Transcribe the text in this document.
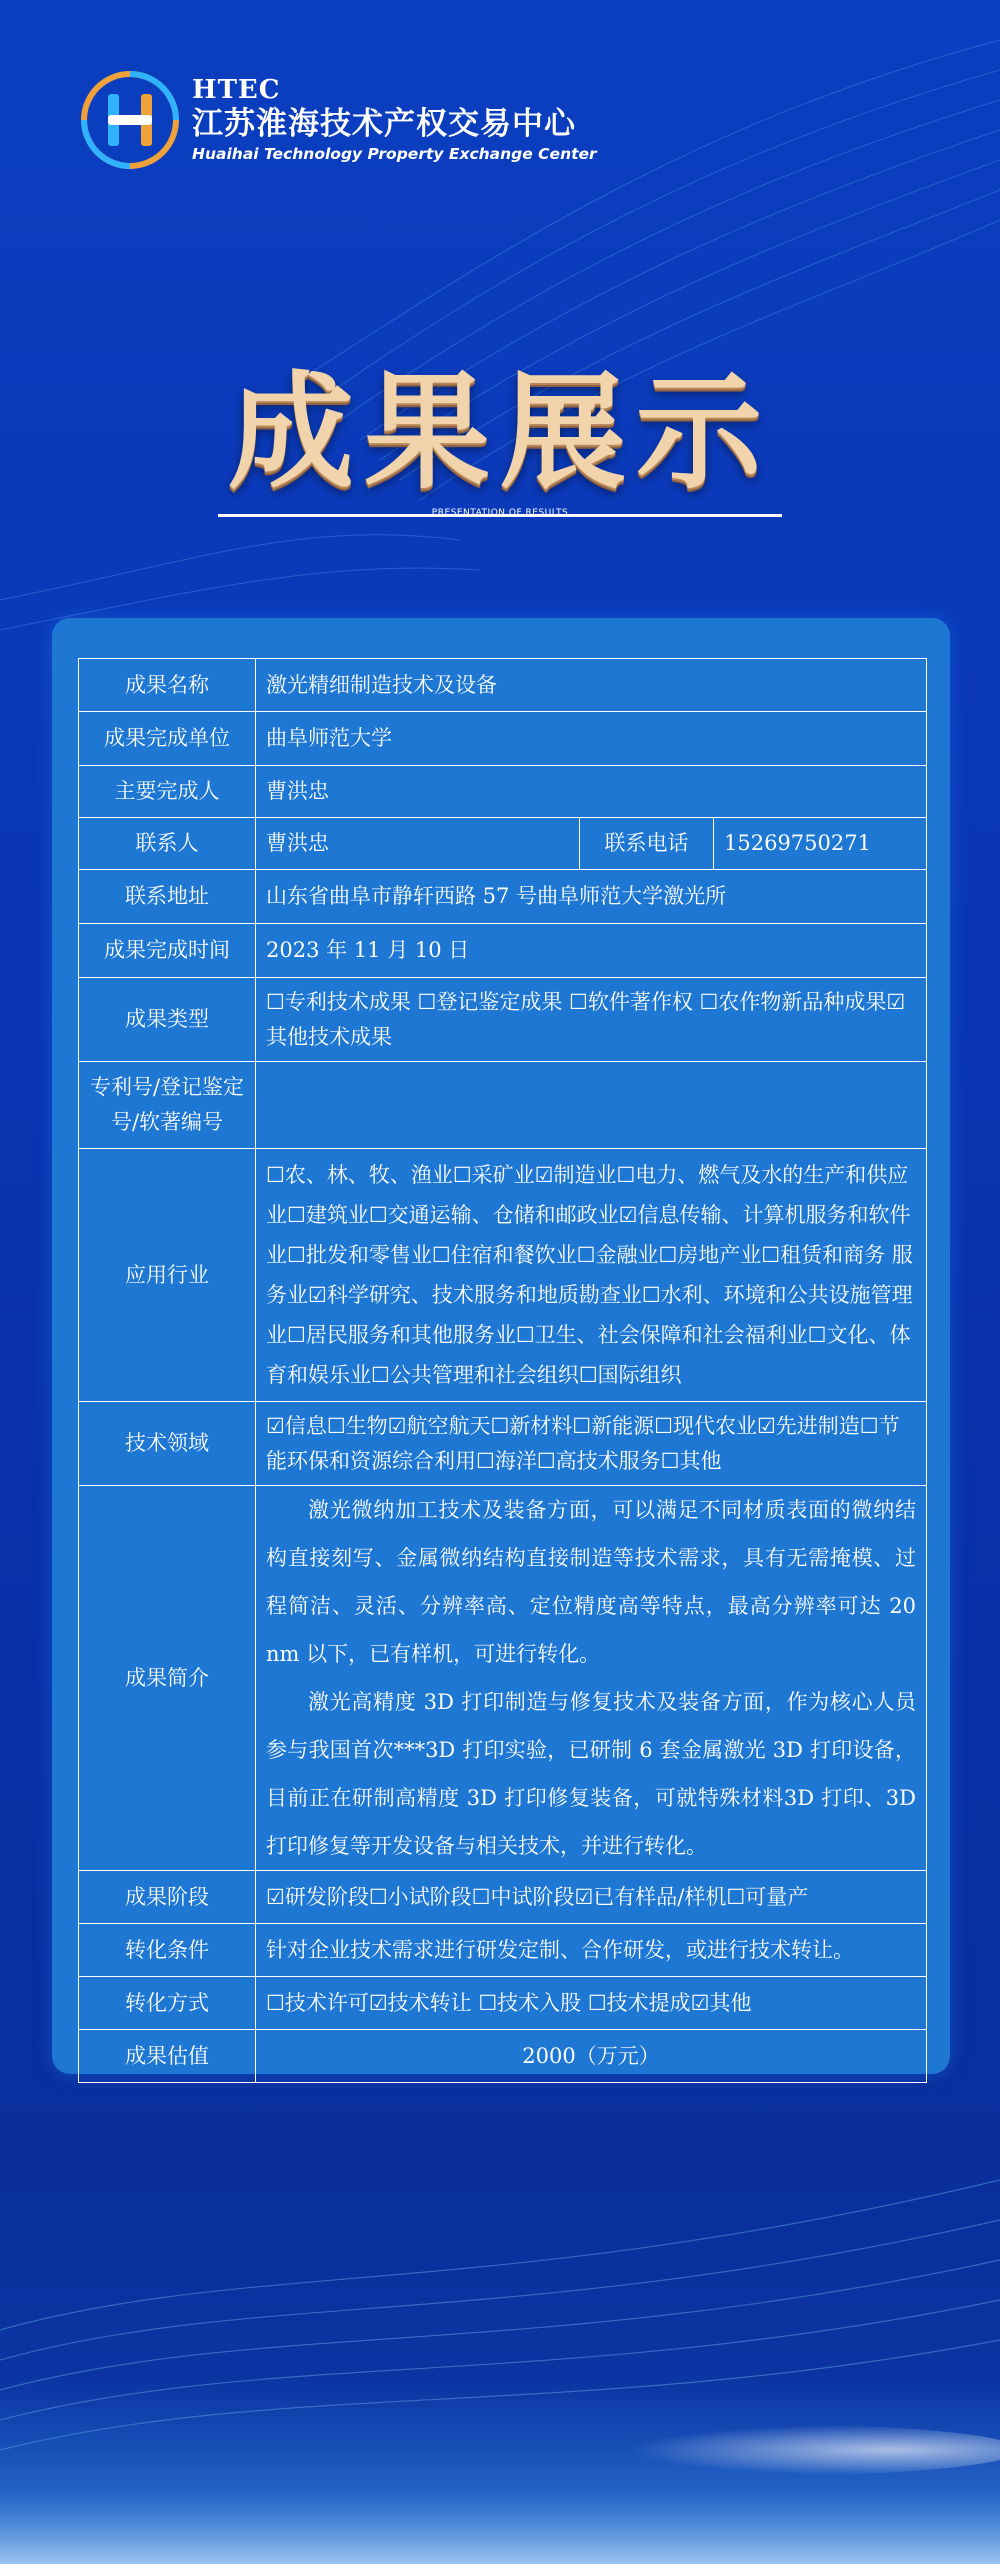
HTEC
江苏淮海技术产权交易中心
Huaihai Technology Property Exchange Center
成果展示
PRESENTATION OF RESULTS
成果名称	激光精细制造技术及设备		
成果完成单位	曲阜师范大学		
主要完成人	曹洪忠		
联系人	曹洪忠	联系电话	15269750271
联系地址	山东省曲阜市静轩西路 57 号曲阜师范大学激光所		
成果完成时间	2023 年 11 月 10 日		
成果类型	☐专利技术成果 ☐登记鉴定成果 ☐软件著作权 ☐农作物新品种成果☑其他技术成果		
专利号/登记鉴定号/软著编号			
应用行业	☐农、林、牧、渔业☐采矿业☑制造业☐电力、燃气及水的生产和供应业☐建筑业☐交通运输、仓储和邮政业☑信息传输、计算机服务和软件业☐批发和零售业☐住宿和餐饮业☐金融业☐房地产业☐租赁和商务 服务业☑科学研究、技术服务和地质勘查业☐水利、环境和公共设施管理业☐居民服务和其他服务业☐卫生、社会保障和社会福利业☐文化、体育和娱乐业☐公共管理和社会组织☐国际组织		
技术领域	☑信息☐生物☑航空航天☐新材料☐新能源☐现代农业☑先进制造☐节能环保和资源综合利用☐海洋☐高技术服务☐其他		
成果简介	激光微纳加工技术及装备方面，可以满足不同材质表面的微纳结构直接刻写、金属微纳结构直接制造等技术需求，具有无需掩模、过程简洁、灵活、分辨率高、定位精度高等特点，最高分辨率可达 20 nm 以下，已有样机，可进行转化。

激光高精度 3D 打印制造与修复技术及装备方面，作为核心人员参与我国首次***3D 打印实验，已研制 6 套金属激光 3D 打印设备，目前正在研制高精度 3D 打印修复装备，可就特殊材料3D 打印、3D 打印修复等开发设备与相关技术，并进行转化。		

成果阶段	☑研发阶段☐小试阶段☐中试阶段☑已有样品/样机☐可量产		
转化条件	针对企业技术需求进行研发定制、合作研发，或进行技术转让。		
转化方式	☐技术许可☑技术转让 ☐技术入股 ☐技术提成☑其他		
成果估值	2000（万元）		
